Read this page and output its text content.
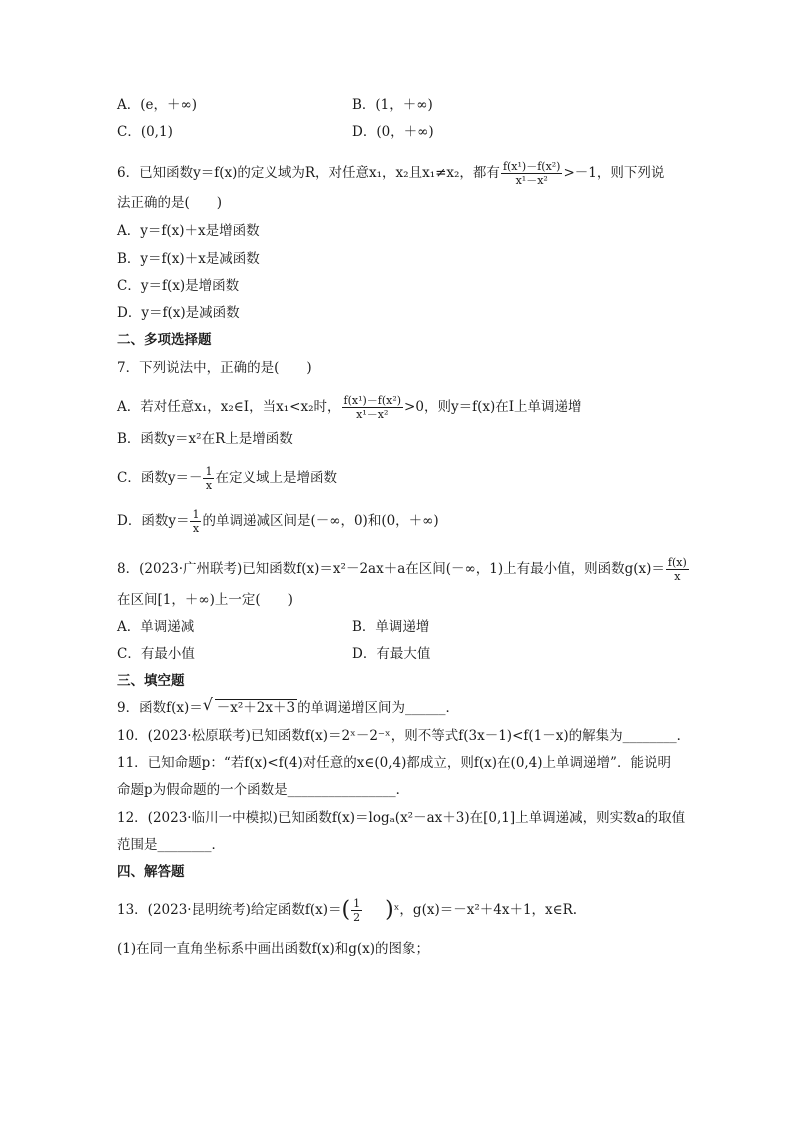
A．(e，＋∞)	B．(1，＋∞)
C．(0,1)	D．(0，＋∞)
6．已知函数y＝f(x)的定义域为R，对任意x₁，x₂且x₁≠x₂，都有 $\frac{\text{f(x¹)－f(x²)}}{\text{x¹－x²}} >-1$，则下列说
法正确的是(　　)
A．y＝f(x)＋x是增函数
B．y＝f(x)＋x是减函数
C．y＝f(x)是增函数
D．y＝f(x)是减函数
二、多项选择题
7．下列说法中，正确的是(　　)
A．若对任意x₁，x₂∈I，当x₁<x₂时， $\frac{\text{f(x¹)－f(x²)}}{\text{x¹－x²}} >0$，则y＝f(x)在I上单调递增
B．函数y＝x²在R上是增函数
C．函数$y=- \frac{1}{x}$ 在定义域上是增函数
D．函数$y= \frac{1}{x}$ 的单调递减区间是(－∞，0)和(0，＋∞)
8．(2023·广州联考)已知函数f(x)＝x²－2ax＋a在区间(－∞，1)上有最小值，则函数$g(x)= \frac{f(x)}{x}$
在区间[1，＋∞)上一定(　　)
A．单调递减	B．单调递增
C．有最小值	D．有最大值
三、填空题
9．函数f(x)＝ √ －x²＋2x＋3 的单调递增区间为______．
10．(2023·松原联考)已知函数f(x)＝2ˣ－2⁻ˣ，则不等式f(3x－1)<f(1－x)的解集为________．
11．已知命题p：“若f(x)<f(4)对任意的x∈(0,4)都成立，则f(x)在(0,4)上单调递增”．能说明
命题p为假命题的一个函数是________________．
12．(2023·临川一中模拟)已知函数f(x)＝logₐ(x²－ax＋3)在[0,1]上单调递减，则实数a的取值
范围是________．
四、解答题
13．(2023·昆明统考)给定函数$f(x)=( \frac{1}{2}$ )ˣ，g(x)＝－x²＋4x＋1，x∈R.
(1)在同一直角坐标系中画出函数f(x)和g(x)的图象；
